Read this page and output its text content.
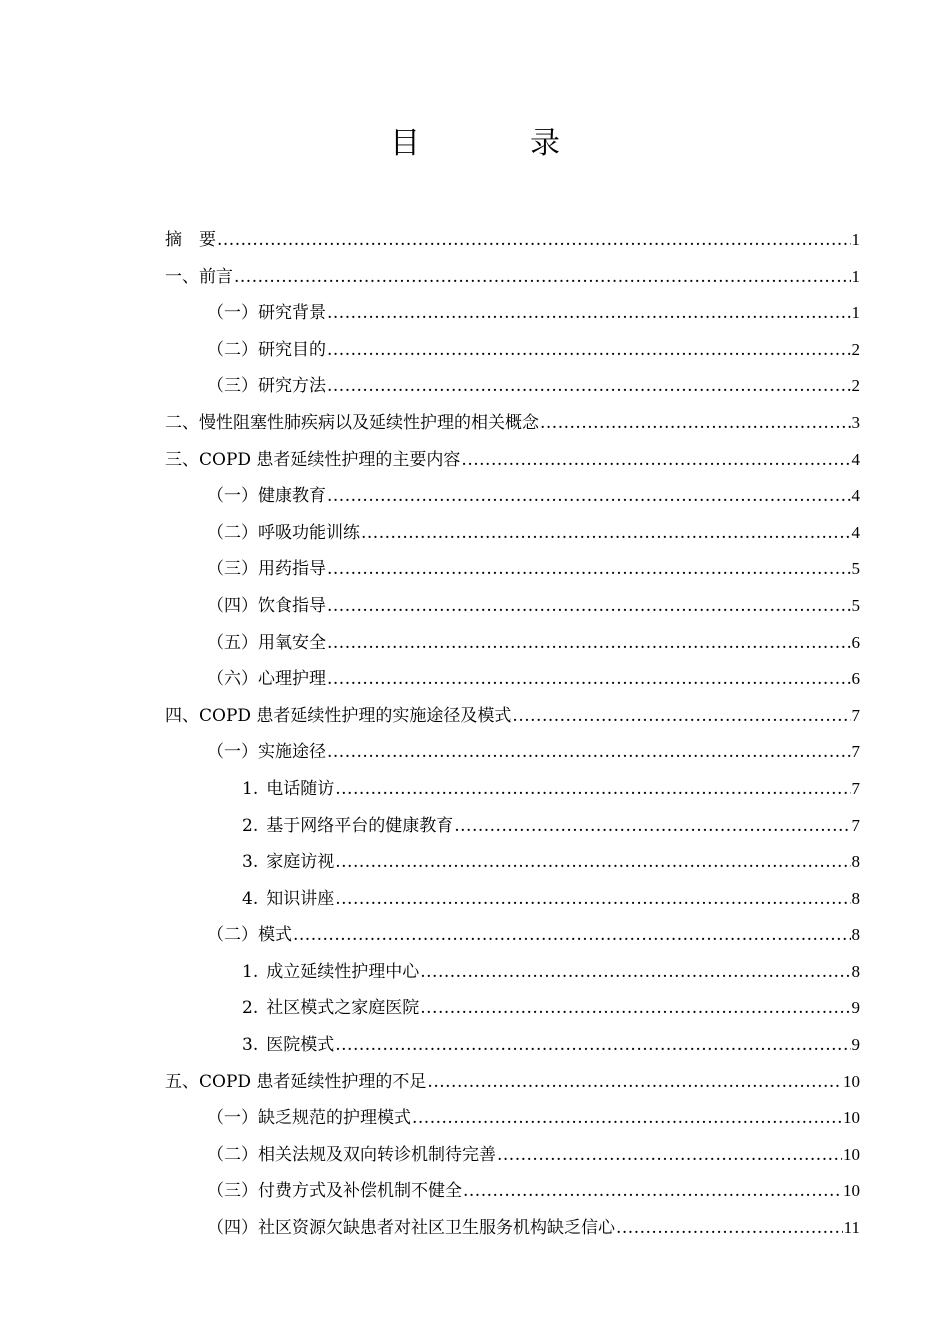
目　录
摘　要 .....	1
一、前言 .....	1
（一）研究背景 .....	1
（二）研究目的 .....	2
（三）研究方法 .....	2
二、慢性阻塞性肺疾病以及延续性护理的相关概念 .....	3
三、COPD 患者延续性护理的主要内容 .....	4
（一）健康教育 .....	4
（二）呼吸功能训练 .....	4
（三）用药指导 .....	5
（四）饮食指导 .....	5
（五）用氧安全 .....	6
（六）心理护理 .....	6
四、COPD 患者延续性护理的实施途径及模式 .....	7
（一）实施途径 .....	7
1. 电话随访 .....	7
2. 基于网络平台的健康教育 .....	7
3. 家庭访视 .....	8
4. 知识讲座 .....	8
（二）模式 .....	8
1. 成立延续性护理中心 .....	8
2. 社区模式之家庭医院 .....	9
3. 医院模式 .....	9
五、COPD 患者延续性护理的不足 .....	10
（一）缺乏规范的护理模式 .....	10
（二）相关法规及双向转诊机制待完善 .....	10
（三）付费方式及补偿机制不健全 .....	10
（四）社区资源欠缺患者对社区卫生服务机构缺乏信心 .....	11
